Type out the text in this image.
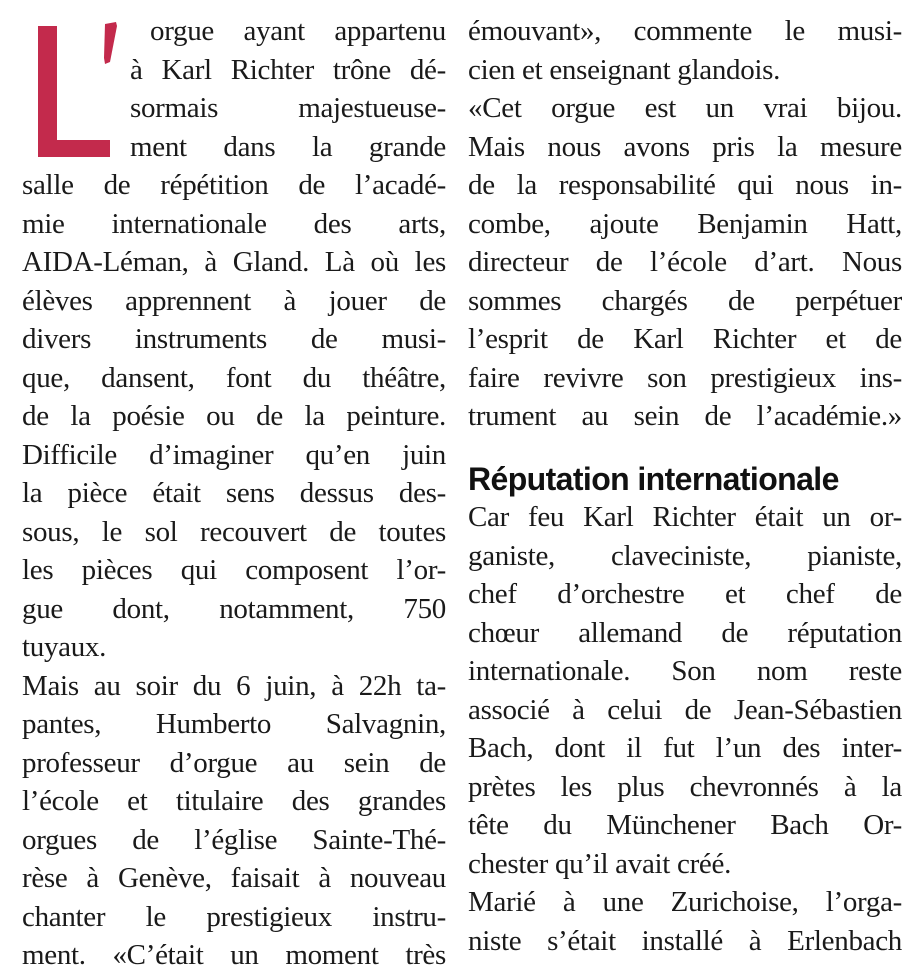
orgue ayant appartenu
à Karl Richter trône dé-
sormais majestueuse-
ment dans la grande
salle de répétition de l’acadé-
mie internationale des arts,
AIDA-Léman, à Gland. Là où les
élèves apprennent à jouer de
divers instruments de musi-
que, dansent, font du théâtre,
de la poésie ou de la peinture.
Difficile d’imaginer qu’en juin
la pièce était sens dessus des-
sous, le sol recouvert de toutes
les pièces qui composent l’or-
gue dont, notamment, 750
tuyaux.
Mais au soir du 6 juin, à 22h ta-
pantes, Humberto Salvagnin,
professeur d’orgue au sein de
l’école et titulaire des grandes
orgues de l’église Sainte-Thé-
rèse à Genève, faisait à nouveau
chanter le prestigieux instru-
ment. «C’était un moment très
émouvant», commente le musi-
cien et enseignant glandois.
«Cet orgue est un vrai bijou.
Mais nous avons pris la mesure
de la responsabilité qui nous in-
combe, ajoute Benjamin Hatt,
directeur de l’école d’art. Nous
sommes chargés de perpétuer
l’esprit de Karl Richter et de
faire revivre son prestigieux ins-
trument au sein de l’académie.»
Réputation internationale
Car feu Karl Richter était un or-
ganiste, claveciniste, pianiste,
chef d’orchestre et chef de
chœur allemand de réputation
internationale. Son nom reste
associé à celui de Jean-Sébastien
Bach, dont il fut l’un des inter-
prètes les plus chevronnés à la
tête du Münchener Bach Or-
chester qu’il avait créé.
Marié à une Zurichoise, l’orga-
niste s’était installé à Erlenbach
